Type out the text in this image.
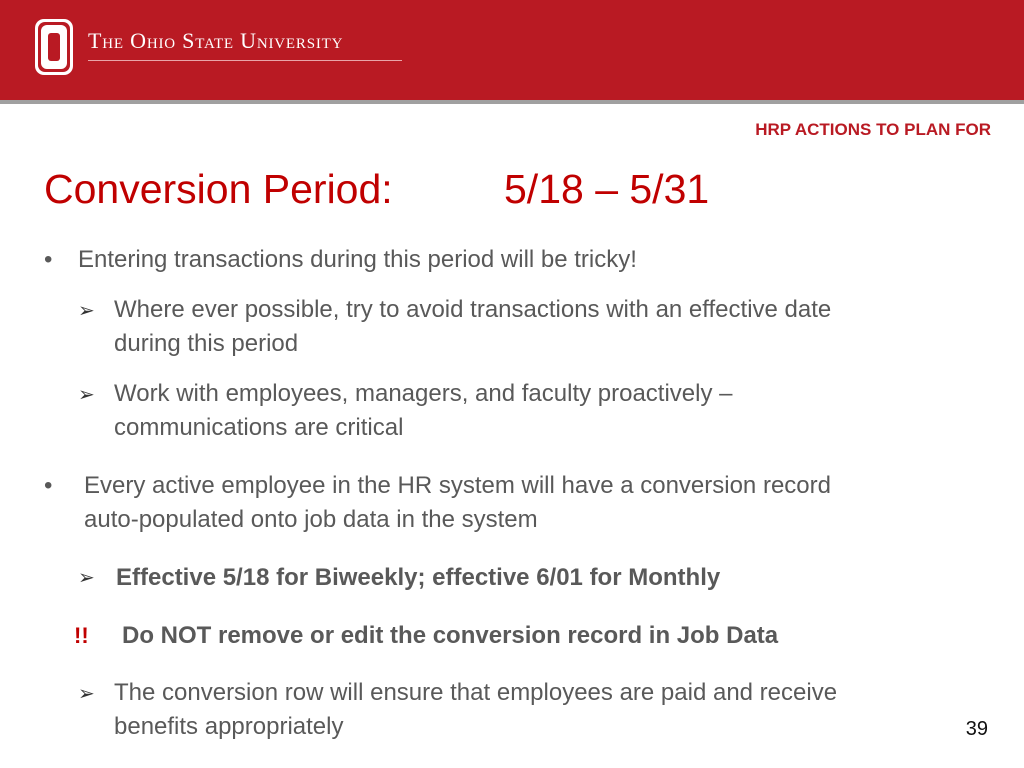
The Ohio State University
HRP ACTIONS TO PLAN FOR
Conversion Period:	5/18 – 5/31
• Entering transactions during this period will be tricky!
➢ Where ever possible, try to avoid transactions with an effective date
during this period
➢ Work with employees, managers, and faculty proactively –
communications are critical
• Every active employee in the HR system will have a conversion record
auto-populated onto job data in the system
➢ Effective 5/18 for Biweekly; effective 6/01 for Monthly
!! Do NOT remove or edit the conversion record in Job Data
➢ The conversion row will ensure that employees are paid and receive
benefits appropriately	39
